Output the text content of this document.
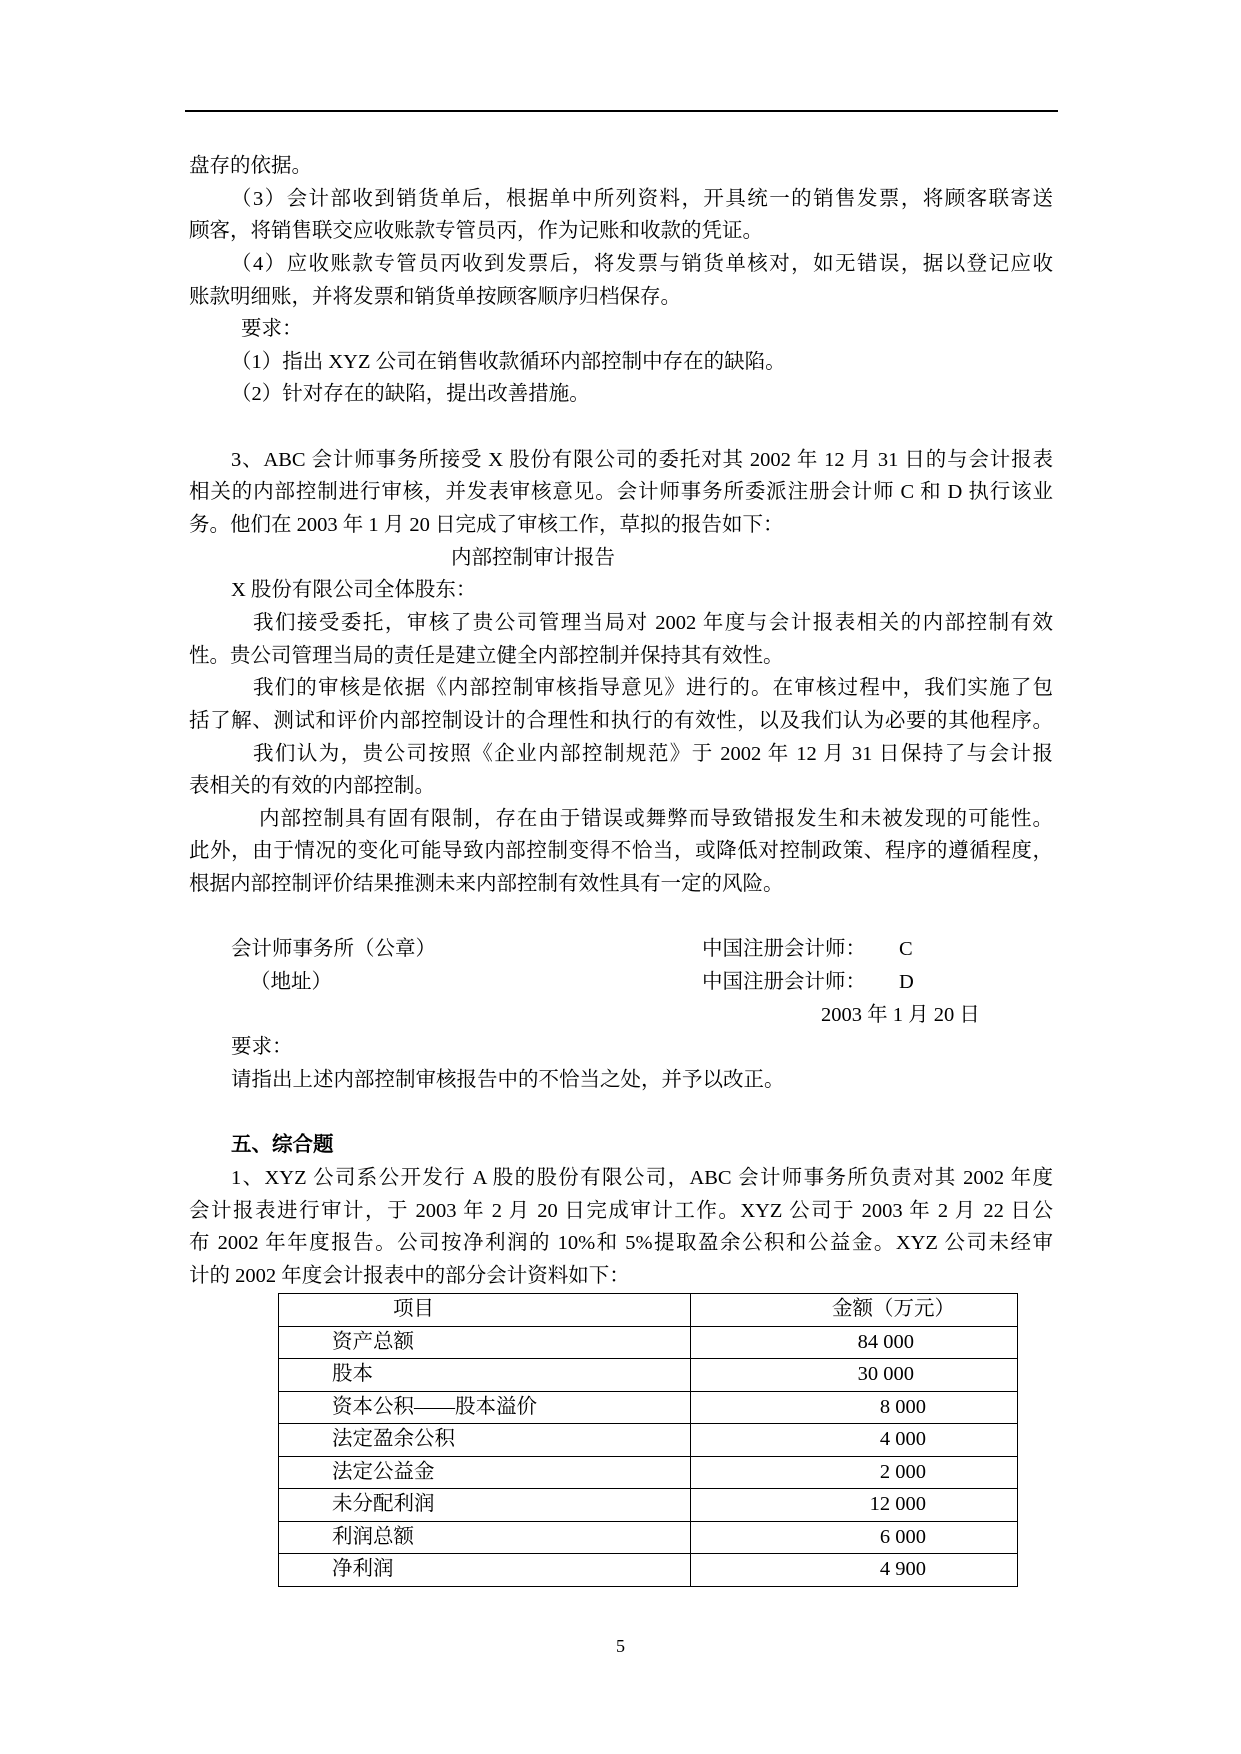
盘存的依据。
（3）会计部收到销货单后，根据单中所列资料，开具统一的销售发票，将顾客联寄送
顾客，将销售联交应收账款专管员丙，作为记账和收款的凭证。
（4）应收账款专管员丙收到发票后，将发票与销货单核对，如无错误，据以登记应收
账款明细账，并将发票和销货单按顾客顺序归档保存。
要求：
（1）指出 XYZ 公司在销售收款循环内部控制中存在的缺陷。
（2）针对存在的缺陷，提出改善措施。
3、ABC 会计师事务所接受 X 股份有限公司的委托对其 2002 年 12 月 31 日的与会计报表
相关的内部控制进行审核，并发表审核意见。会计师事务所委派注册会计师 C 和 D 执行该业
务。他们在 2003 年 1 月 20 日完成了审核工作，草拟的报告如下：
内部控制审计报告
X 股份有限公司全体股东：
我们接受委托，审核了贵公司管理当局对 2002 年度与会计报表相关的内部控制有效
性。贵公司管理当局的责任是建立健全内部控制并保持其有效性。
我们的审核是依据《内部控制审核指导意见》进行的。在审核过程中，我们实施了包
括了解、测试和评价内部控制设计的合理性和执行的有效性，以及我们认为必要的其他程序。
我们认为，贵公司按照《企业内部控制规范》于 2002 年 12 月 31 日保持了与会计报
表相关的有效的内部控制。
内部控制具有固有限制，存在由于错误或舞弊而导致错报发生和未被发现的可能性。
此外，由于情况的变化可能导致内部控制变得不恰当，或降低对控制政策、程序的遵循程度，
根据内部控制评价结果推测未来内部控制有效性具有一定的风险。
会计师事务所（公章）	中国注册会计师： C
（地址）	中国注册会计师： D
2003 年 1 月 20 日
要求：
请指出上述内部控制审核报告中的不恰当之处，并予以改正。
五、综合题
1、XYZ 公司系公开发行 A 股的股份有限公司，ABC 会计师事务所负责对其 2002 年度
会计报表进行审计，于 2003 年 2 月 20 日完成审计工作。XYZ 公司于 2003 年 2 月 22 日公
布 2002 年年度报告。公司按净利润的 10%和 5%提取盈余公积和公益金。XYZ 公司未经审
计的 2002 年度会计报表中的部分会计资料如下：
项目	金额（万元）
资产总额	84 000
股本	30 000
资本公积——股本溢价	8 000
法定盈余公积	4 000
法定公益金	2 000
未分配利润	12 000
利润总额	6 000
净利润	4 900
5
